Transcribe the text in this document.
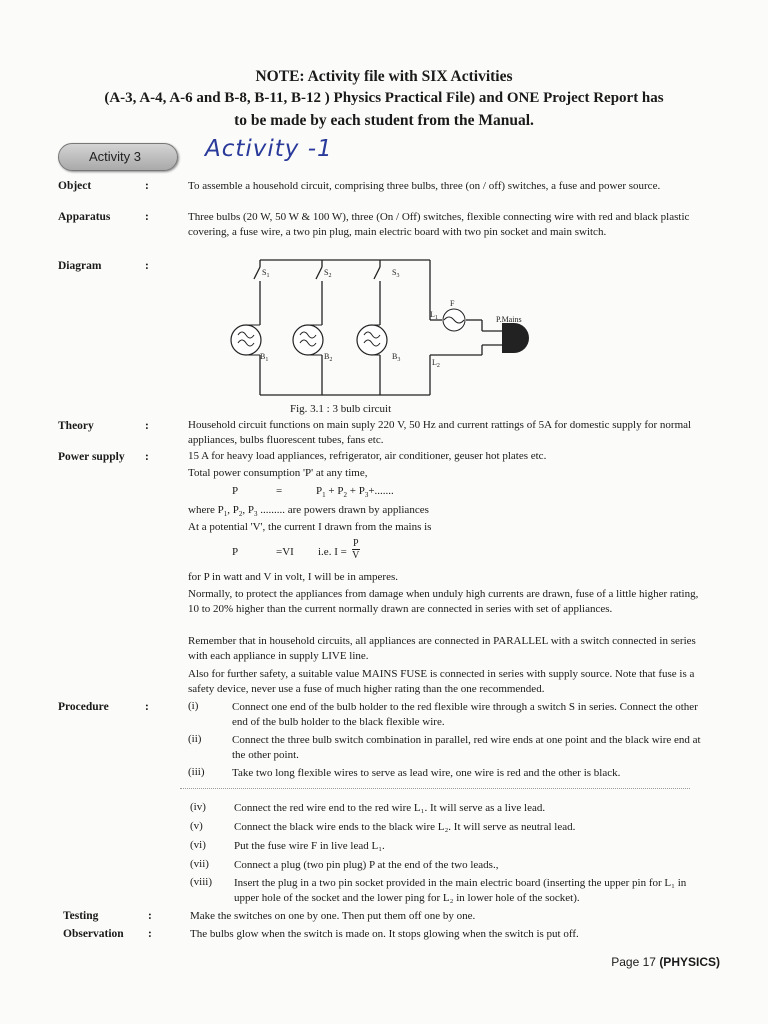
NOTE: Activity file with SIX Activities
(A-3, A-4, A-6 and B-8, B-11, B-12 ) Physics Practical File) and ONE Project Report has
to be made by each student from the Manual.
Activity 3	Activity -1
Object	:	To assemble a household circuit, comprising three bulbs, three (on / off) switches, a fuse and power source.
Apparatus	:	Three bulbs (20 W, 50 W & 100 W), three (On / Off) switches, flexible connecting wire with red and black plastic covering, a fuse wire, a two pin plug, main electric board with two pin socket and main switch.
Diagram	:
$S_1$	$S_2$	$S_3$
$B_1$	$B_2$	$B_3$
F
$L_1$
$L_2$
P.Mains
Fig. 3.1 : 3 bulb circuit
Theory	:	Household circuit functions on main suply 220 V, 50 Hz and current rattings of 5A for domestic supply for normal appliances, bulbs fluorescent tubes, fans etc.
Power supply :	15 A for heavy load appliances, refrigerator, air conditioner, geuser hot plates etc.
Total power consumption 'P' at any time,
P	=	$P_1 + P_2 + P_3+$.......
where $P_1$, $P_2$, $P_3$ ......... are powers drawn by appliances
At a potential 'V', the current I drawn from the mains is
P	=VI i.e. $I = \frac{P}{V}$
for P in watt and V in volt, I will be in amperes.
Normally, to protect the appliances from damage when unduly high currents are drawn, fuse of a little higher rating, 10 to 20% higher than the current normally drawn are connected in series with set of appliances.
Remember that in household circuits, all appliances are connected in PARALLEL with a switch connected in series with each appliance in supply LIVE line.
Also for further safety, a suitable value MAINS FUSE is connected in series with supply source. Note that fuse is a safety device, never use a fuse of much higher rating than the one recommended.
Procedure	:	(i)	Connect one end of the bulb holder to the red flexible wire through a switch S in series. Connect the other end of the bulb holder to the black flexible wire.
(ii)	Connect the three bulb switch combination in parallel, red wire ends at one point and the black wire end at the other point.
(iii)	Take two long flexible wires to serve as lead wire, one wire is red and the other is black.
(iv)	Connect the red wire end to the red wire L₁. It will serve as a live lead.
(v)	Connect the black wire ends to the black wire L₂. It will serve as neutral lead.
(vi)	Put the fuse wire F in live lead L₁.
(vii) Connect a plug (two pin plug) P at the end of the two leads.,
(viii) Insert the plug in a two pin socket provided in the main electric board (inserting the upper pin for L₁ in upper hole of the socket and the lower ping for L₂ in lower hole of the socket).
Testing	:	Make the switches on one by one. Then put them off one by one.
Observation :	The bulbs glow when the switch is made on. It stops glowing when the switch is put off.
Page 17 (PHYSICS)
